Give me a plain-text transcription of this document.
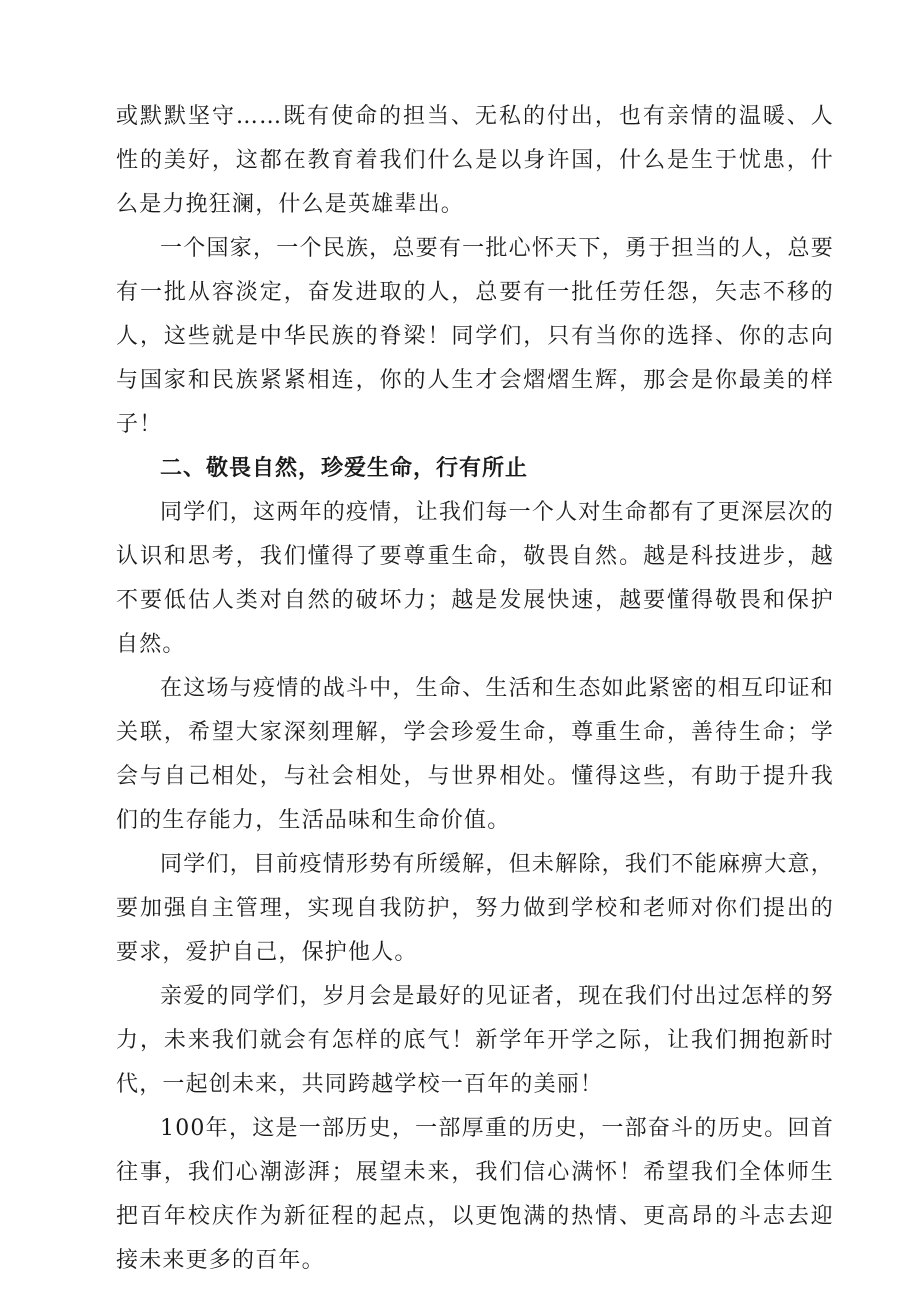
或默默坚守……既有使命的担当、无私的付出，也有亲情的温暖、人性的美好，这都在教育着我们什么是以身许国，什么是生于忧患，什么是力挽狂澜，什么是英雄辈出。

一个国家，一个民族，总要有一批心怀天下，勇于担当的人，总要有一批从容淡定，奋发进取的人，总要有一批任劳任怨，矢志不移的人，这些就是中华民族的脊梁！同学们，只有当你的选择、你的志向与国家和民族紧紧相连，你的人生才会熠熠生辉，那会是你最美的样子！

二、敬畏自然，珍爱生命，行有所止

同学们，这两年的疫情，让我们每一个人对生命都有了更深层次的认识和思考，我们懂得了要尊重生命，敬畏自然。越是科技进步，越不要低估人类对自然的破坏力；越是发展快速，越要懂得敬畏和保护自然。

在这场与疫情的战斗中，生命、生活和生态如此紧密的相互印证和关联，希望大家深刻理解，学会珍爱生命，尊重生命，善待生命；学会与自己相处，与社会相处，与世界相处。懂得这些，有助于提升我们的生存能力，生活品味和生命价值。

同学们，目前疫情形势有所缓解，但未解除，我们不能麻痹大意，要加强自主管理，实现自我防护，努力做到学校和老师对你们提出的要求，爱护自己，保护他人。

亲爱的同学们，岁月会是最好的见证者，现在我们付出过怎样的努力，未来我们就会有怎样的底气！新学年开学之际，让我们拥抱新时代，一起创未来，共同跨越学校一百年的美丽！

100年，这是一部历史，一部厚重的历史，一部奋斗的历史。回首往事，我们心潮澎湃；展望未来，我们信心满怀！希望我们全体师生把百年校庆作为新征程的起点，以更饱满的热情、更高昂的斗志去迎接未来更多的百年。
